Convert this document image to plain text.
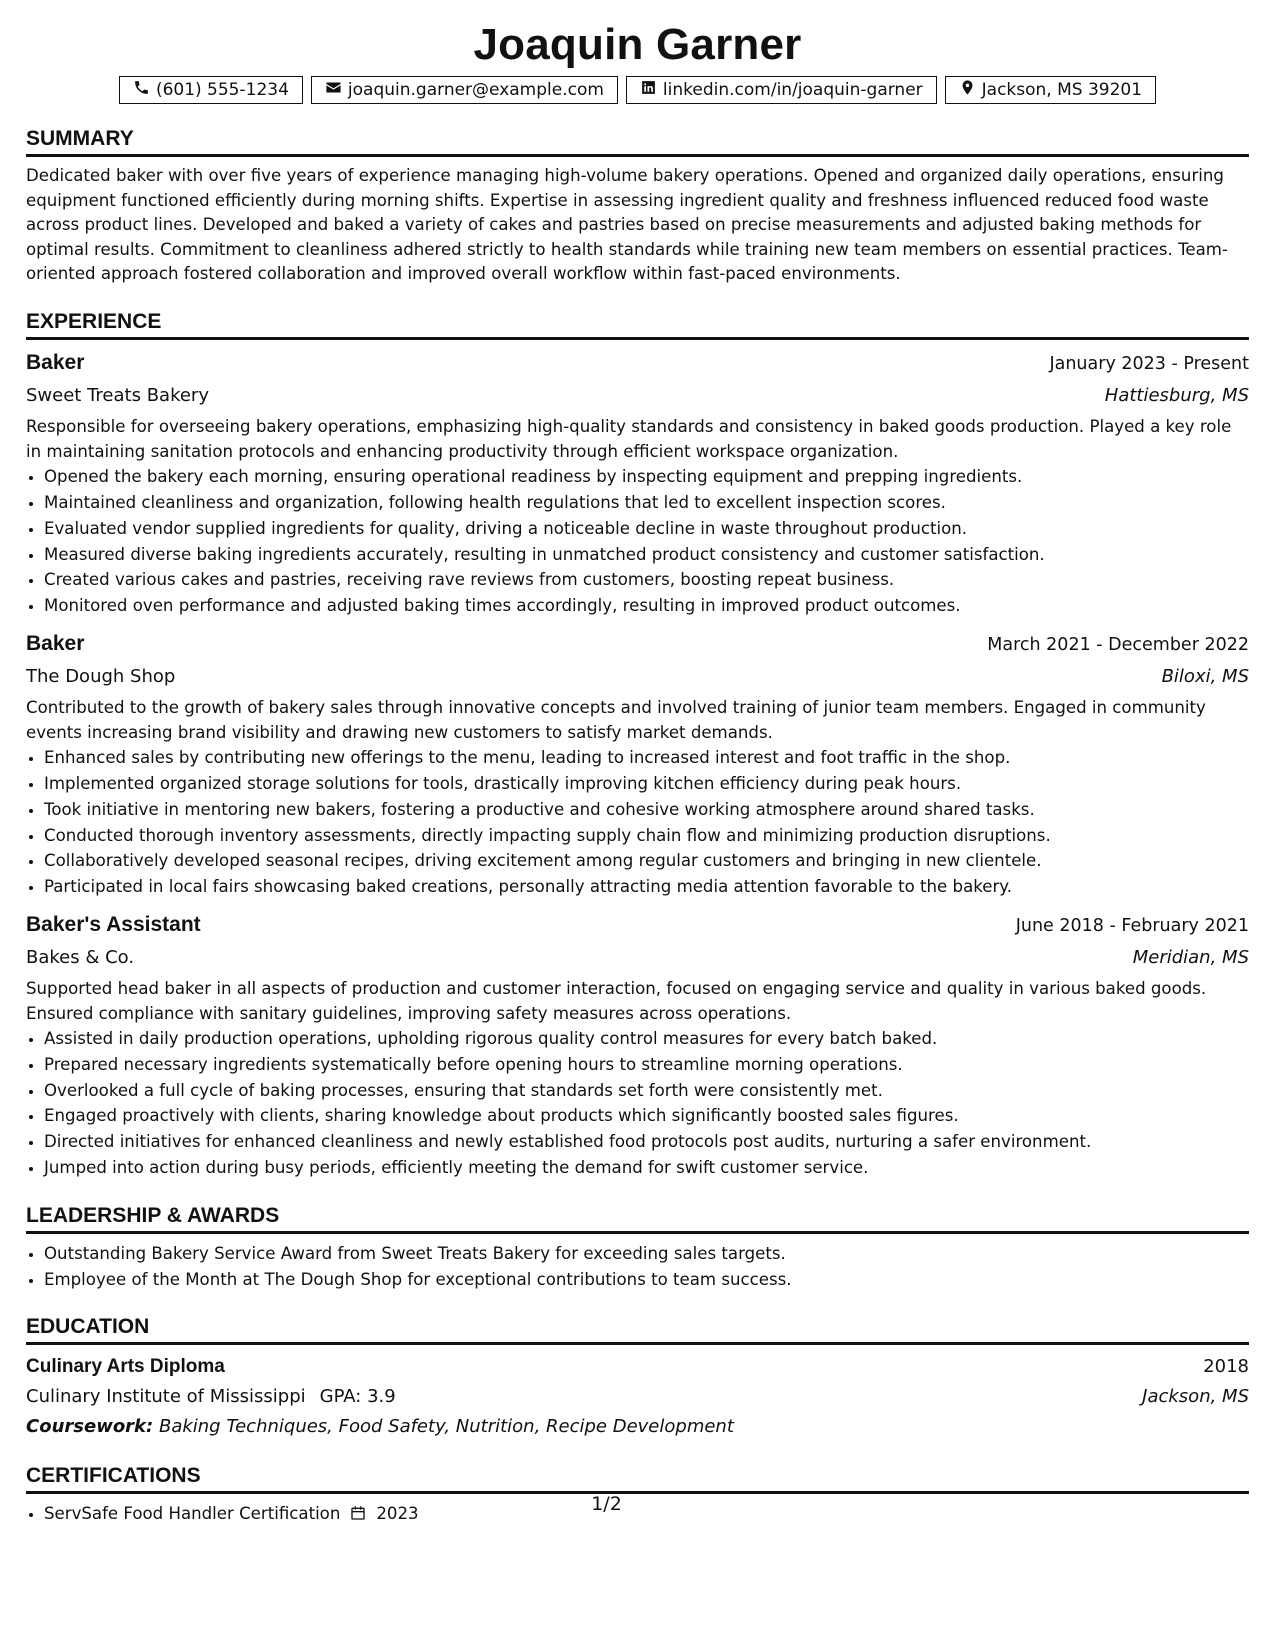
Joaquin Garner
(601) 555-1234	joaquin.garner@example.com	linkedin.com/in/joaquin-garner	Jackson, MS 39201
SUMMARY

Dedicated baker with over five years of experience managing high-volume bakery operations. Opened and organized daily operations, ensuring equipment functioned efficiently during morning shifts. Expertise in assessing ingredient quality and freshness influenced reduced food waste across product lines. Developed and baked a variety of cakes and pastries based on precise measurements and adjusted baking methods for optimal results. Commitment to cleanliness adhered strictly to health standards while training new team members on essential practices. Team-oriented approach fostered collaboration and improved overall workflow within fast-paced environments.

EXPERIENCE
Baker	January 2023 - Present
Sweet Treats Bakery	Hattiesburg, MS

Responsible for overseeing bakery operations, emphasizing high-quality standards and consistency in baked goods production. Played a key role in maintaining sanitation protocols and enhancing productivity through efficient workspace organization.

• Opened the bakery each morning, ensuring operational readiness by inspecting equipment and prepping ingredients.
• Maintained cleanliness and organization, following health regulations that led to excellent inspection scores.
• Evaluated vendor supplied ingredients for quality, driving a noticeable decline in waste throughout production.
• Measured diverse baking ingredients accurately, resulting in unmatched product consistency and customer satisfaction.
• Created various cakes and pastries, receiving rave reviews from customers, boosting repeat business.
• Monitored oven performance and adjusted baking times accordingly, resulting in improved product outcomes.
Baker	March 2021 - December 2022
The Dough Shop	Biloxi, MS

Contributed to the growth of bakery sales through innovative concepts and involved training of junior team members. Engaged in community events increasing brand visibility and drawing new customers to satisfy market demands.

• Enhanced sales by contributing new offerings to the menu, leading to increased interest and foot traffic in the shop.
• Implemented organized storage solutions for tools, drastically improving kitchen efficiency during peak hours.
• Took initiative in mentoring new bakers, fostering a productive and cohesive working atmosphere around shared tasks.
• Conducted thorough inventory assessments, directly impacting supply chain flow and minimizing production disruptions.
• Collaboratively developed seasonal recipes, driving excitement among regular customers and bringing in new clientele.
• Participated in local fairs showcasing baked creations, personally attracting media attention favorable to the bakery.
Baker's Assistant	June 2018 - February 2021
Bakes & Co.	Meridian, MS

Supported head baker in all aspects of production and customer interaction, focused on engaging service and quality in various baked goods. Ensured compliance with sanitary guidelines, improving safety measures across operations.

• Assisted in daily production operations, upholding rigorous quality control measures for every batch baked.
• Prepared necessary ingredients systematically before opening hours to streamline morning operations.
• Overlooked a full cycle of baking processes, ensuring that standards set forth were consistently met.
• Engaged proactively with clients, sharing knowledge about products which significantly boosted sales figures.
• Directed initiatives for enhanced cleanliness and newly established food protocols post audits, nurturing a safer environment.
• Jumped into action during busy periods, efficiently meeting the demand for swift customer service.
LEADERSHIP & AWARDS
• Outstanding Bakery Service Award from Sweet Treats Bakery for exceeding sales targets.
• Employee of the Month at The Dough Shop for exceptional contributions to team success.
EDUCATION
Culinary Arts Diploma	2018
Culinary Institute of Mississippi GPA: 3.9	Jackson, MS
Coursework: Baking Techniques, Food Safety, Nutrition, Recipe Development
CERTIFICATIONS
• ServSafe Food Handler Certification 2023	1/2
